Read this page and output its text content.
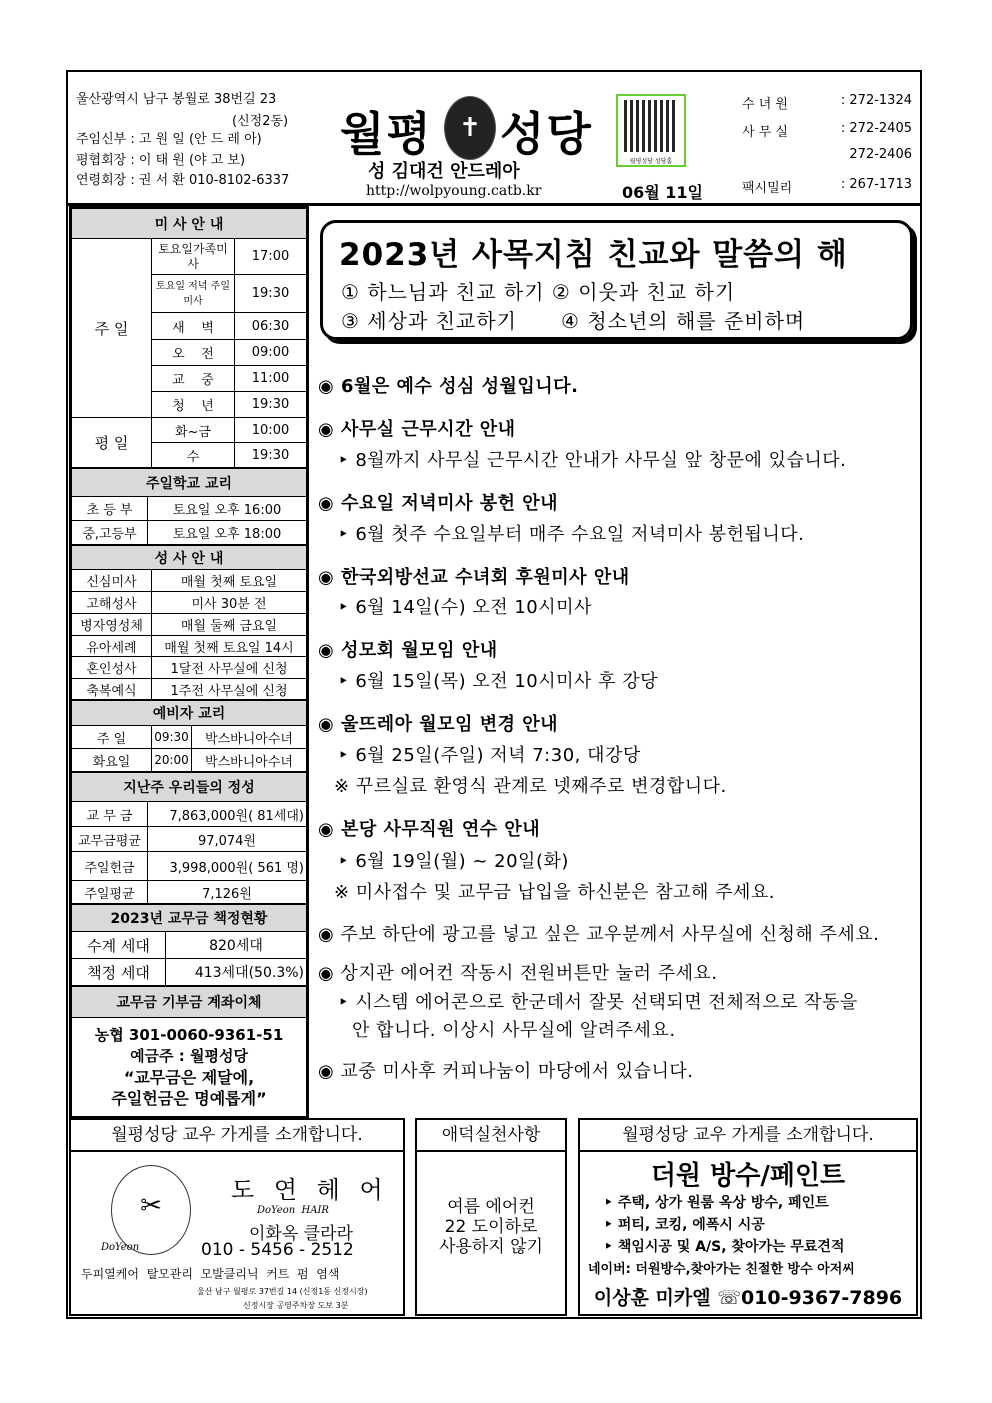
울산광역시 남구 봉월로 38번길 23
(신정2동)
주임신부 : 고 원 일 (안 드 레 아)
평협회장 : 이 태 원 (야 고 보)
연령회장 : 권 서 환 010-8102-6337
월평	✝ 성당
성 김대건 안드레아
http://wolpyoung.catb.kr
월평성당 성당홈
06월 11일
수 녀 원	: 272-1324
사 무 실	: 272-2405
272-2406
팩시밀리	: 267-1713
미 사 안 내		
주 일	토요일가족미사	17:00
	토요일 저녁 주일미사	19:30
	새    벽	06:30
	오    전	09:00
	교    중	11:00
	청    년	19:30
평 일	화~금	10:00
	수	19:30
주일학교 교리	
초 등 부	토요일 오후 16:00
중,고등부	토요일 오후 18:00
성 사 안 내	
신심미사	매월 첫째 토요일
고해성사	미사 30분 전
병자영성체	매월 둘째 금요일
유아세례	매월 첫째 토요일 14시
혼인성사	1달전 사무실에 신청
축복예식	1주전 사무실에 신청
예비자 교리		
주 일	09:30	박스바니아수녀
화요일	20:00	박스바니아수녀
지난주 우리들의 정성	
교 무 금	7,863,000원( 81세대)
교무금평균	97,074원
주일헌금	3,998,000원( 561 명)
주일평균	7,126원
2023년 교무금 책정현황	
수계 세대	820세대
책정 세대	413세대(50.3%)
교무금 기부금 계좌이체

농협 301-0060-9361-51
예금주 : 월평성당
“교무금은 제달에,
주일헌금은 명예롭게”
2023년 사목지침 친교와 말씀의 해
① 하느님과 친교 하기 ② 이웃과 친교 하기
③ 세상과 친교하기      ④ 청소년의 해를 준비하며
◉ 6월은 예수 성심 성월입니다.
◉ 사무실 근무시간 안내
‣ 8월까지 사무실 근무시간 안내가 사무실 앞 창문에 있습니다.
◉ 수요일 저녁미사 봉헌 안내
‣ 6월 첫주 수요일부터 매주 수요일 저녁미사 봉헌됩니다.
◉ 한국외방선교 수녀회 후원미사 안내
‣ 6월 14일(수) 오전 10시미사
◉ 성모회 월모임 안내
‣ 6월 15일(목) 오전 10시미사 후 강당
◉ 울뜨레아 월모임 변경 안내
‣ 6월 25일(주일) 저녁 7:30, 대강당
※ 꾸르실료 환영식 관계로 넷째주로 변경합니다.
◉ 본당 사무직원 연수 안내
‣ 6월 19일(월) ~ 20일(화)
※ 미사접수 및 교무금 납입을 하신분은 참고해 주세요.
◉ 주보 하단에 광고를 넣고 싶은 교우분께서 사무실에 신청해 주세요.
◉ 상지관 에어컨 작동시 전원버튼만 눌러 주세요.
‣ 시스템 에어콘으로 한군데서 잘못 선택되면 전체적으로 작동을
안 합니다. 이상시 사무실에 알려주세요.
◉ 교중 미사후 커피나눔이 마당에서 있습니다.
월평성당 교우 가게를 소개합니다.
✂
DoYeon
도 연 헤 어
DoYeon  HAIR
이화옥 클라라
010 - 5456 - 2512
두피열케어  탈모관리  모발클리닉  커트  펌  염색
울산 남구 월평로 37번길 14 (신정1동 신정시장)
신정시장 공영주차장 도보 3분
애덕실천사항
여름 에어컨
22 도이하로
사용하지 않기
월평성당 교우 가게를 소개합니다.
더원 방수/페인트
‣ 주택, 상가 원룸 옥상 방수, 페인트
‣ 퍼티, 코킹, 에폭시 시공
‣ 책임시공 및 A/S, 찾아가는 무료견적
네이버: 더원방수,찾아가는 친절한 방수 아저씨
이상훈 미카엘 ☏010-9367-7896
